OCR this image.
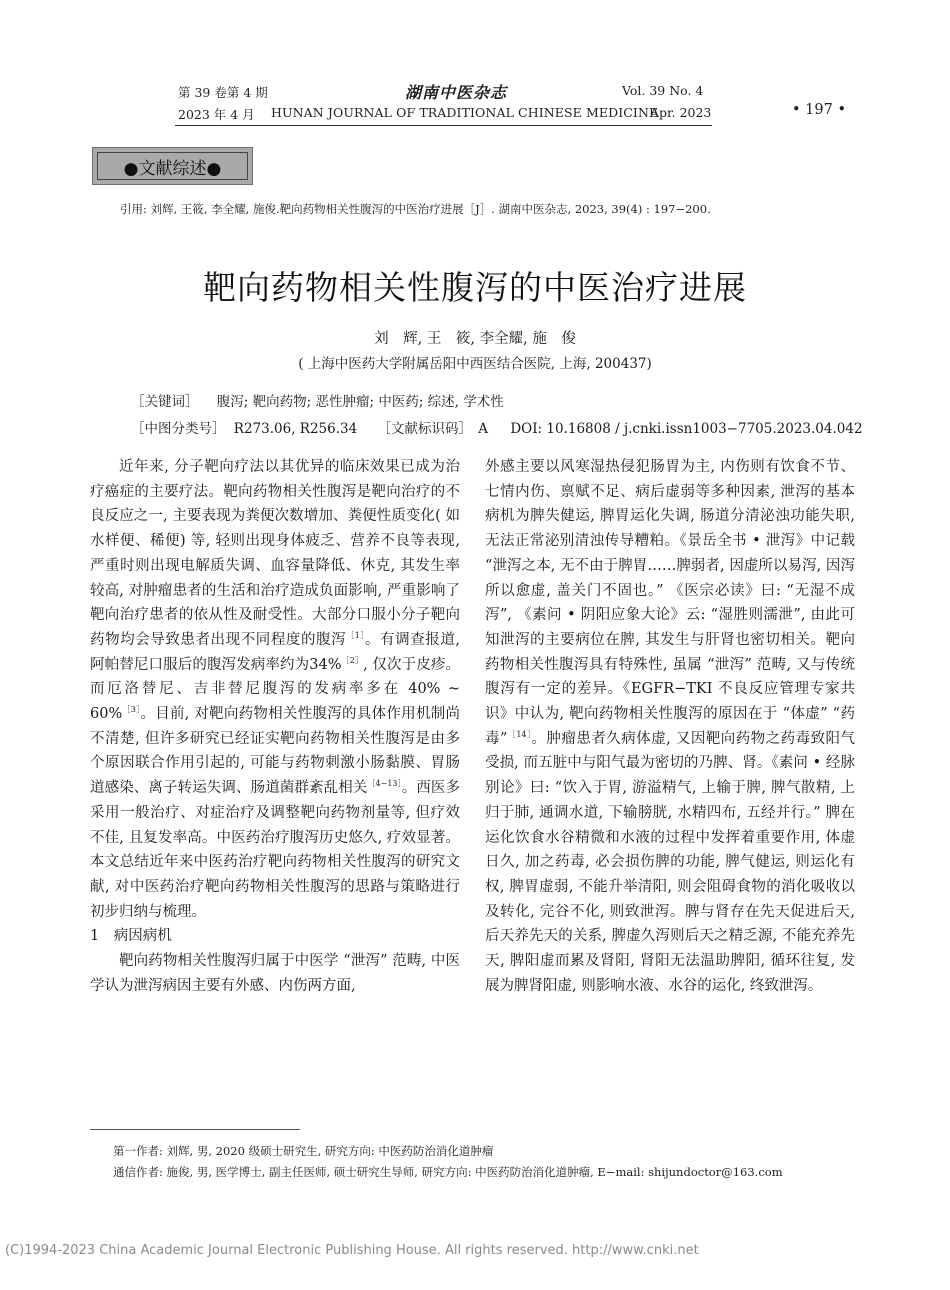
第 39 卷第 4 期	湖南中医杂志	Vol. 39 No. 4
2023 年 4 月 HUNAN JOURNAL OF TRADITIONAL CHINESE MEDICINE
Apr. 2023	• 197 •
●文献综述●
引用: 刘辉, 王筱, 李全耀, 施俊.靶向药物相关性腹泻的中医治疗进展［J］. 湖南中医杂志, 2023, 39(4) : 197−200.
靶向药物相关性腹泻的中医治疗进展
刘　辉, 王　筱, 李全耀, 施　俊
( 上海中医药大学附属岳阳中西医结合医院, 上海, 200437)
［关键词］ 腹泻; 靶向药物; 恶性肿瘤; 中医药; 综述, 学术性
［中图分类号］ R273.06, R256.34 ［文献标识码］ A DOI: 10.16808 / j.cnki.issn1003−7705.2023.04.042

近年来, 分子靶向疗法以其优异的临床效果已成为治疗癌症的主要疗法。靶向药物相关性腹泻是靶向治疗的不良反应之一, 主要表现为粪便次数增加、粪便性质变化( 如水样便、稀便) 等, 轻则出现身体疲乏、营养不良等表现, 严重时则出现电解质失调、血容量降低、休克, 其发生率较高, 对肿瘤患者的生活和治疗造成负面影响, 严重影响了靶向治疗患者的依从性及耐受性。大部分口服小分子靶向药物均会导致患者出现不同程度的腹泻$^{[1]}$。有调查报道, 阿帕替尼口服后的腹泻发病率约为34%$^{[2]}$, 仅次于皮疹。而厄洛替尼、吉非替尼腹泻的发病率多在 40% ~ 60%$^{[3]}$。目前, 对靶向药物相关性腹泻的具体作用机制尚不清楚, 但许多研究已经证实靶向药物相关性腹泻是由多个原因联合作用引起的, 可能与药物刺激小肠黏膜、胃肠道感染、离子转运失调、肠道菌群紊乱相关$^{[4-13]}$。西医多采用一般治疗、对症治疗及调整靶向药物剂量等, 但疗效不佳, 且复发率高。中医药治疗腹泻历史悠久, 疗效显著。本文总结近年来中医药治疗靶向药物相关性腹泻的研究文献, 对中医药治疗靶向药物相关性腹泻的思路与策略进行初步归纳与梳理。

1　病因病机

靶向药物相关性腹泻归属于中医学 “泄泻” 范畴, 中医学认为泄泻病因主要有外感、内伤两方面,

外感主要以风寒湿热侵犯肠胃为主, 内伤则有饮食不节、七情内伤、禀赋不足、病后虚弱等多种因素, 泄泻的基本病机为脾失健运, 脾胃运化失调, 肠道分清泌浊功能失职, 无法正常泌别清浊传导糟粕。《景岳全书 • 泄泻》中记载 “泄泻之本, 无不由于脾胃……脾弱者, 因虚所以易泻, 因泻所以愈虚, 盖关门不固也。” 《医宗必读》曰: “无湿不成泻”, 《素问 • 阴阳应象大论》云: “湿胜则濡泄”, 由此可知泄泻的主要病位在脾, 其发生与肝肾也密切相关。靶向药物相关性腹泻具有特殊性, 虽属 “泄泻” 范畴, 又与传统腹泻有一定的差异。《EGFR−TKI 不良反应管理专家共识》中认为, 靶向药物相关性腹泻的原因在于 “体虚” “药毒”$^{[14]}$。肿瘤患者久病体虚, 又因靶向药物之药毒致阳气受损, 而五脏中与阳气最为密切的乃脾、肾。《素问 • 经脉别论》曰: “饮入于胃, 游溢精气, 上输于脾, 脾气散精, 上归于肺, 通调水道, 下输膀胱, 水精四布, 五经并行。” 脾在运化饮食水谷精微和水液的过程中发挥着重要作用, 体虚日久, 加之药毒, 必会损伤脾的功能, 脾气健运, 则运化有权, 脾胃虚弱, 不能升举清阳, 则会阻碍食物的消化吸收以及转化, 完谷不化, 则致泄泻。脾与肾存在先天促进后天, 后天养先天的关系, 脾虚久泻则后天之精乏源, 不能充养先天, 脾阳虚而累及肾阳, 肾阳无法温助脾阳, 循环往复, 发展为脾肾阳虚, 则影响水液、水谷的运化, 终致泄泻。

第一作者: 刘辉, 男, 2020 级硕士研究生, 研究方向: 中医药防治消化道肿瘤
通信作者: 施俊, 男, 医学博士, 副主任医师, 硕士研究生导师, 研究方向: 中医药防治消化道肿瘤, E−mail: shijundoctor@163.com
(C)1994-2023 China Academic Journal Electronic Publishing House. All rights reserved. http://www.cnki.net
